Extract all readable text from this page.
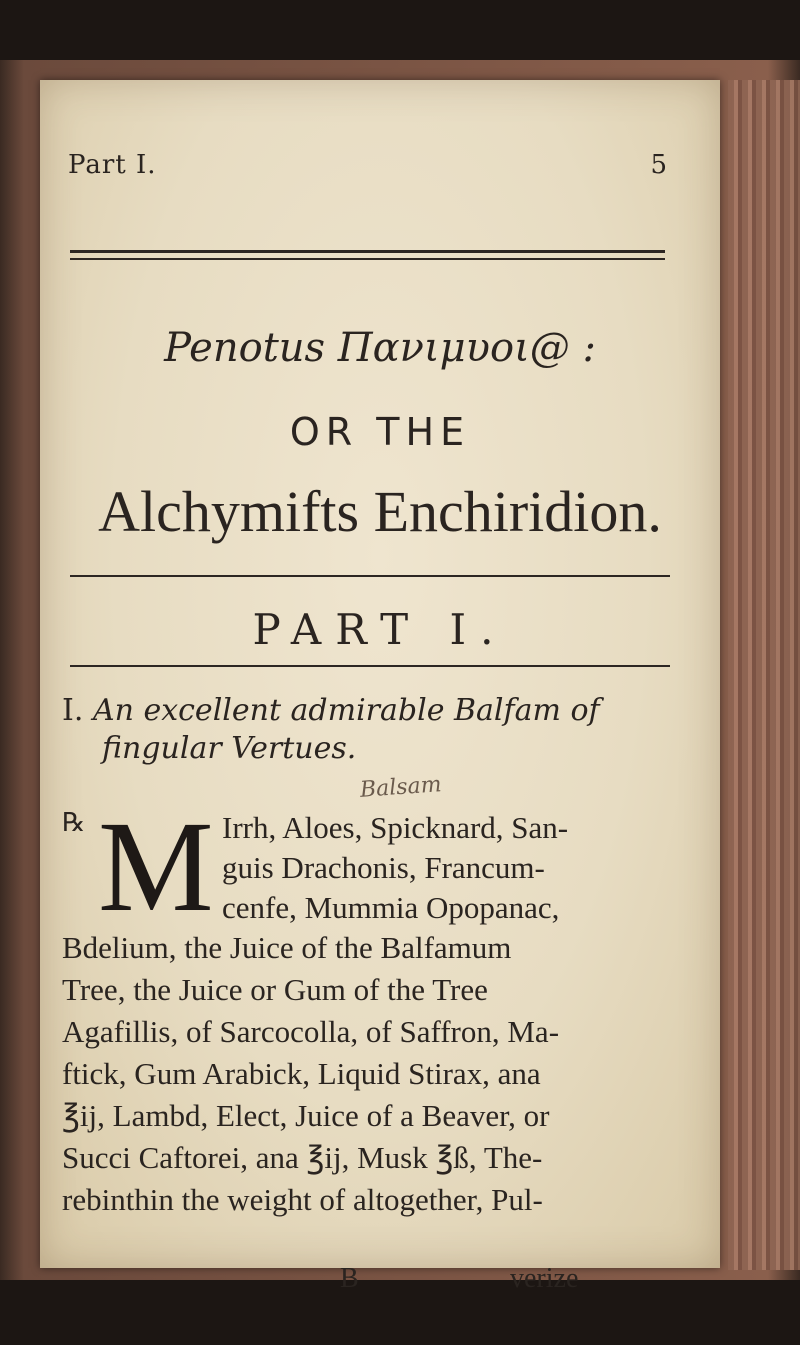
Part I.	5
Penotus Πανιμυοι@ :
OR THE
Alchymifts Enchiridion.
PART I.
I. An excellent admirable Balfam of
fingular Vertues.
Balsam
℞ M Irrh, Aloes, Spicknard, San-
guis Drachonis, Francum-
cenfe, Mummia Opopanac,
Bdelium, the Juice of the Balfamum
Tree, the Juice or Gum of the Tree
Agafillis, of Sarcocolla, of Saffron, Ma-
ftick, Gum Arabick, Liquid Stirax, ana
℥ij, Lambd, Elect, Juice of a Beaver, or
Succi Caftorei, ana ℥ij, Musk ℥ß, The-
rebinthin the weight of altogether, Pul-
B	verize
